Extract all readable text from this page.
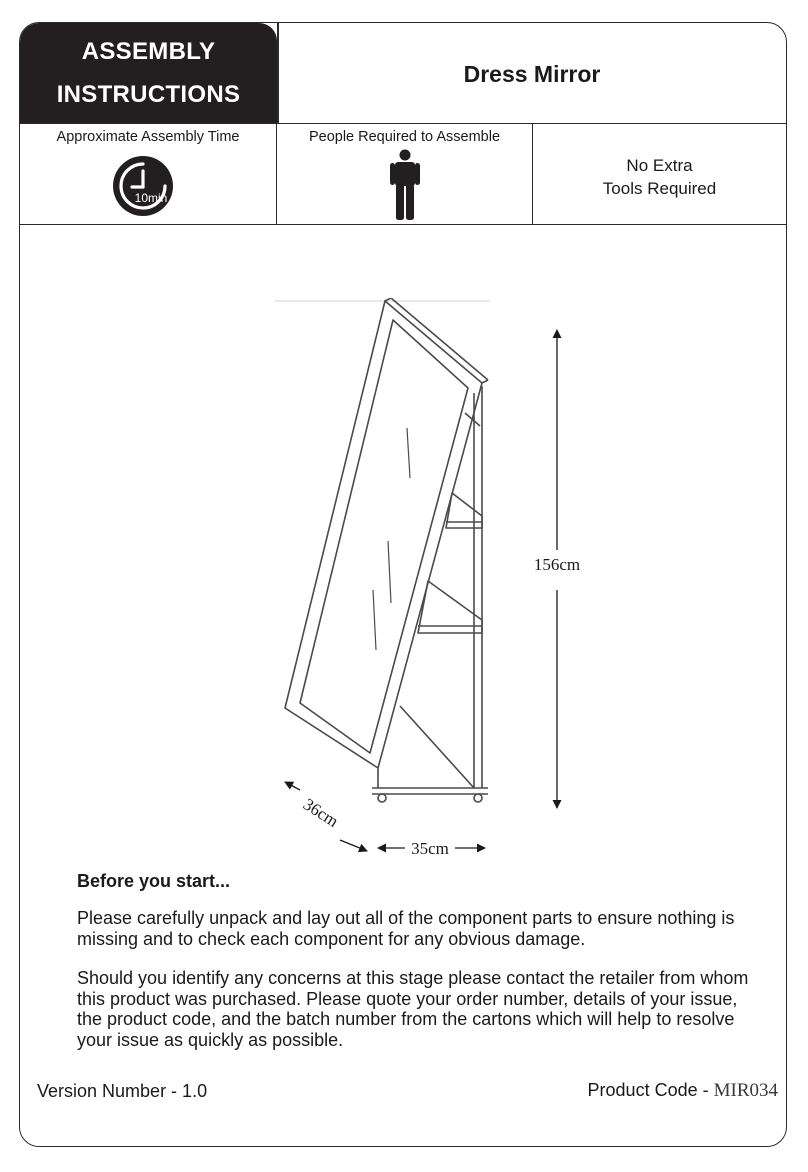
ASSEMBLY
INSTRUCTIONS
Dress Mirror
Approximate Assembly Time
10min
People Required to Assemble
No Extra
Tools Required
156cm
36cm
35cm
Before you start...

Please carefully unpack and lay out all of the component parts to ensure nothing is missing and to check each component for any obvious damage.

Should you identify any concerns at this stage please contact the retailer from whom this product was purchased. Please quote your order number, details of your issue, the product code, and the batch number from the cartons which will help to resolve your issue as quickly as possible.

Version Number - 1.0	Product Code - MIR034
